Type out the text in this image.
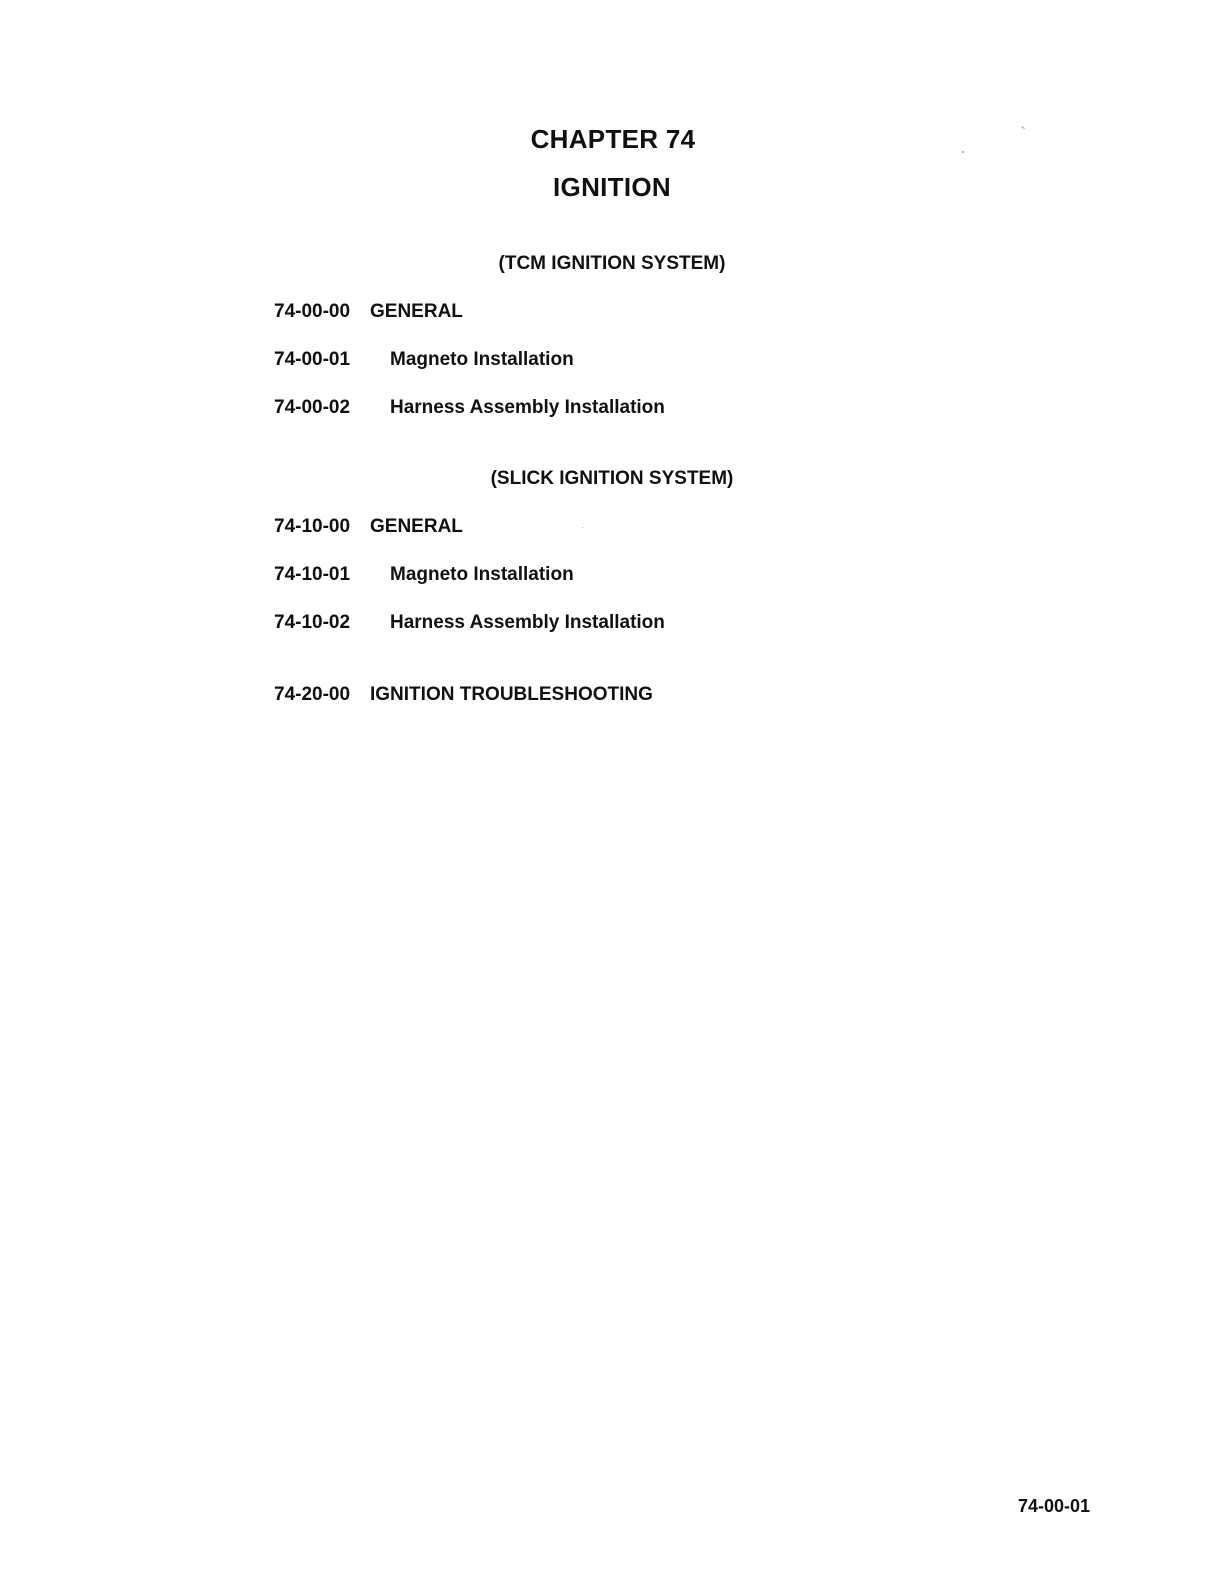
CHAPTER 74
IGNITION
(TCM IGNITION SYSTEM)
74-00-00 GENERAL
74-00-01 Magneto Installation
74-00-02 Harness Assembly Installation
(SLICK IGNITION SYSTEM)
74-10-00 GENERAL
74-10-01 Magneto Installation
74-10-02 Harness Assembly Installation
74-20-00 IGNITION TROUBLESHOOTING
74-00-01
